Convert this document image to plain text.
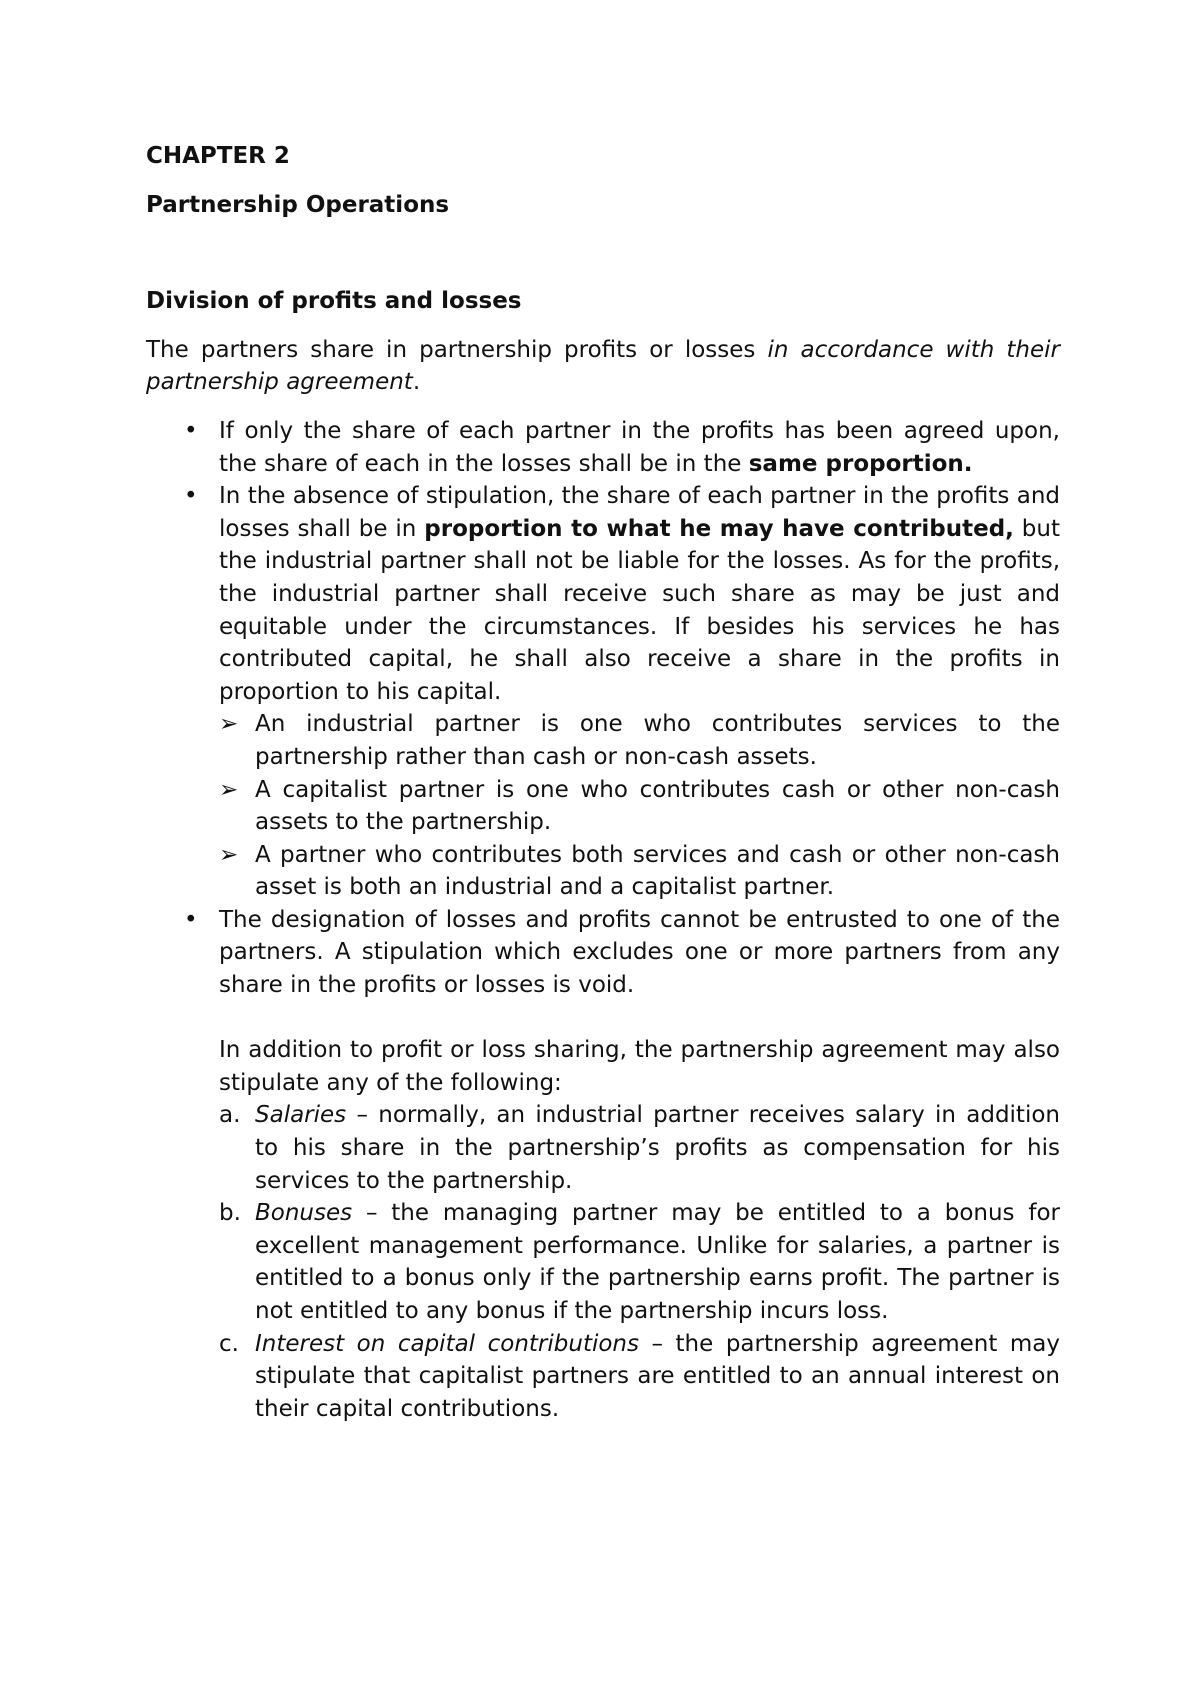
CHAPTER 2
Partnership Operations
Division of profits and losses

The partners share in partnership profits or losses in accordance with their partnership agreement.

• If only the share of each partner in the profits has been agreed upon, the share of each in the losses shall be in the same proportion.
• In the absence of stipulation, the share of each partner in the profits and losses shall be in proportion to what he may have contributed, but the industrial partner shall not be liable for the losses. As for the profits, the industrial partner shall receive such share as may be just and equitable under the circumstances. If besides his services he has contributed capital, he shall also receive a share in the profits in proportion to his capital.
➢ An industrial partner is one who contributes services to the partnership rather than cash or non-cash assets.
➢ A capitalist partner is one who contributes cash or other non-cash assets to the partnership.
➢ A partner who contributes both services and cash or other non-cash asset is both an industrial and a capitalist partner.
• The designation of losses and profits cannot be entrusted to one of the partners. A stipulation which excludes one or more partners from any share in the profits or losses is void.

In addition to profit or loss sharing, the partnership agreement may also stipulate any of the following:

a. Salaries – normally, an industrial partner receives salary in addition to his share in the partnership’s profits as compensation for his services to the partnership.
b. Bonuses – the managing partner may be entitled to a bonus for excellent management performance. Unlike for salaries, a partner is entitled to a bonus only if the partnership earns profit. The partner is not entitled to any bonus if the partnership incurs loss.
c. Interest on capital contributions – the partnership agreement may stipulate that capitalist partners are entitled to an annual interest on their capital contributions.
